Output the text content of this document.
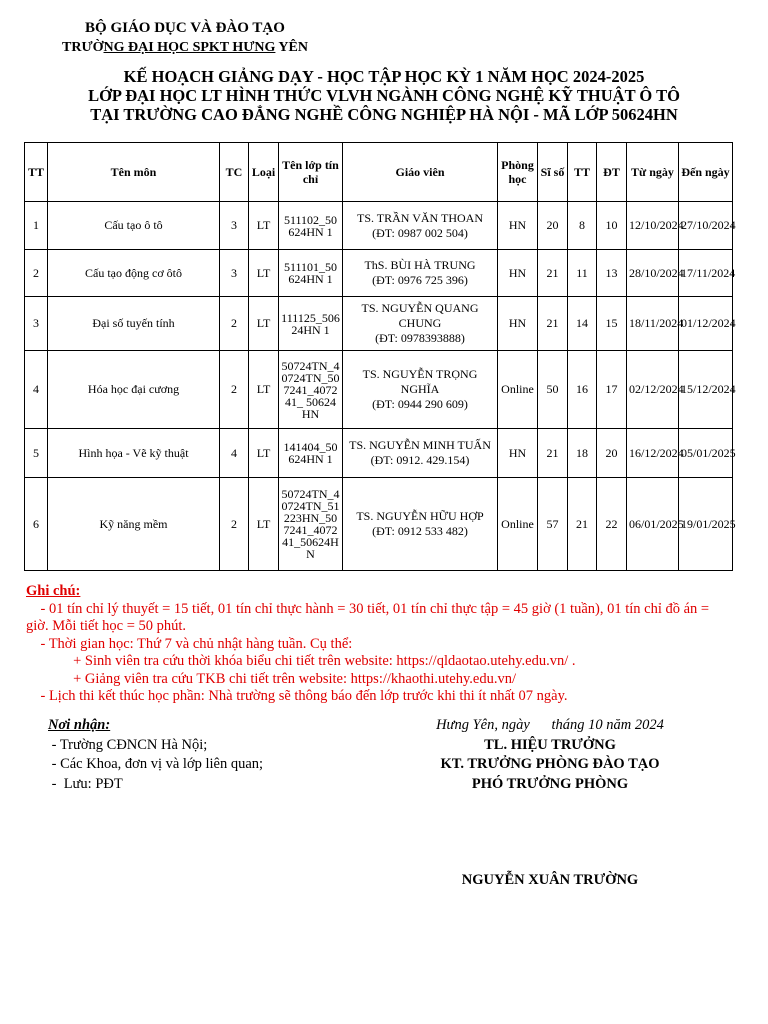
BỘ GIÁO DỤC VÀ ĐÀO TẠO
TRƯỜNG ĐẠI HỌC SPKT HƯNG YÊN
KẾ HOẠCH GIẢNG DẠY - HỌC TẬP HỌC KỲ 1 NĂM HỌC 2024-2025
LỚP ĐẠI HỌC LT HÌNH THỨC VLVH NGÀNH CÔNG NGHỆ KỸ THUẬT Ô TÔ
TẠI TRƯỜNG CAO ĐẲNG NGHỀ CÔNG NGHIỆP HÀ NỘI - MÃ LỚP 50624HN
TT	Tên môn	TC	Loại	Tên lớp tín chỉ	Giáo viên	Phòng học	Sĩ số	TT	ĐT	Từ ngày	Đến ngày
1	Cấu tạo ô tô	3	LT	511102_50624HN 1	TS. TRẦN VĂN THOAN
(ĐT: 0987 002 504)	HN	20	8	10	12/10/2024	27/10/2024
2	Cấu tạo động cơ ôtô	3	LT	511101_50624HN 1	ThS. BÙI HÀ TRUNG
(ĐT: 0976 725 396)	HN	21	11	13	28/10/2024	17/11/2024
3	Đại số tuyến tính	2	LT	111125_50624HN 1	TS. NGUYỄN QUANG CHUNG
(ĐT: 0978393888)	HN	21	14	15	18/11/2024	01/12/2024
4	Hóa học đại cương	2	LT	50724TN_40724TN_507241_407241_ 50624HN	TS. NGUYỄN TRỌNG NGHĨA
(ĐT: 0944 290 609)	Online	50	16	17	02/12/2024	15/12/2024
5	Hình họa - Vẽ kỹ thuật	4	LT	141404_50624HN 1	TS. NGUYỄN MINH TUẤN
(ĐT: 0912. 429.154)	HN	21	18	20	16/12/2024	05/01/2025
6	Kỹ năng mềm	2	LT	50724TN_40724TN_51223HN_507241_407241_50624HN	TS. NGUYỄN HỮU HỢP
(ĐT: 0912 533 482)	Online	57	21	22	06/01/2025	19/01/2025
Ghi chú:
- 01 tín chỉ lý thuyết = 15 tiết, 01 tín chỉ thực hành = 30 tiết, 01 tín chỉ thực tập = 45 giờ (1 tuần), 01 tín chỉ đồ án =
giờ. Mỗi tiết học = 50 phút.
- Thời gian học: Thứ 7 và chủ nhật hàng tuần. Cụ thể:
+ Sinh viên tra cứu thời khóa biểu chi tiết trên website: https://qldaotao.utehy.edu.vn/ .
+ Giảng viên tra cứu TKB chi tiết trên website: https://khaothi.utehy.edu.vn/
- Lịch thi kết thúc học phần: Nhà trường sẽ thông báo đến lớp trước khi thi ít nhất 07 ngày.
Nơi nhận:
- Trường CĐNCN Hà Nội;
- Các Khoa, đơn vị và lớp liên quan;
-  Lưu: PĐT
Hưng Yên, ngày      tháng 10 năm 2024
TL. HIỆU TRƯỞNG
KT. TRƯỞNG PHÒNG ĐÀO TẠO
PHÓ TRƯỞNG PHÒNG
NGUYỄN XUÂN TRƯỜNG
